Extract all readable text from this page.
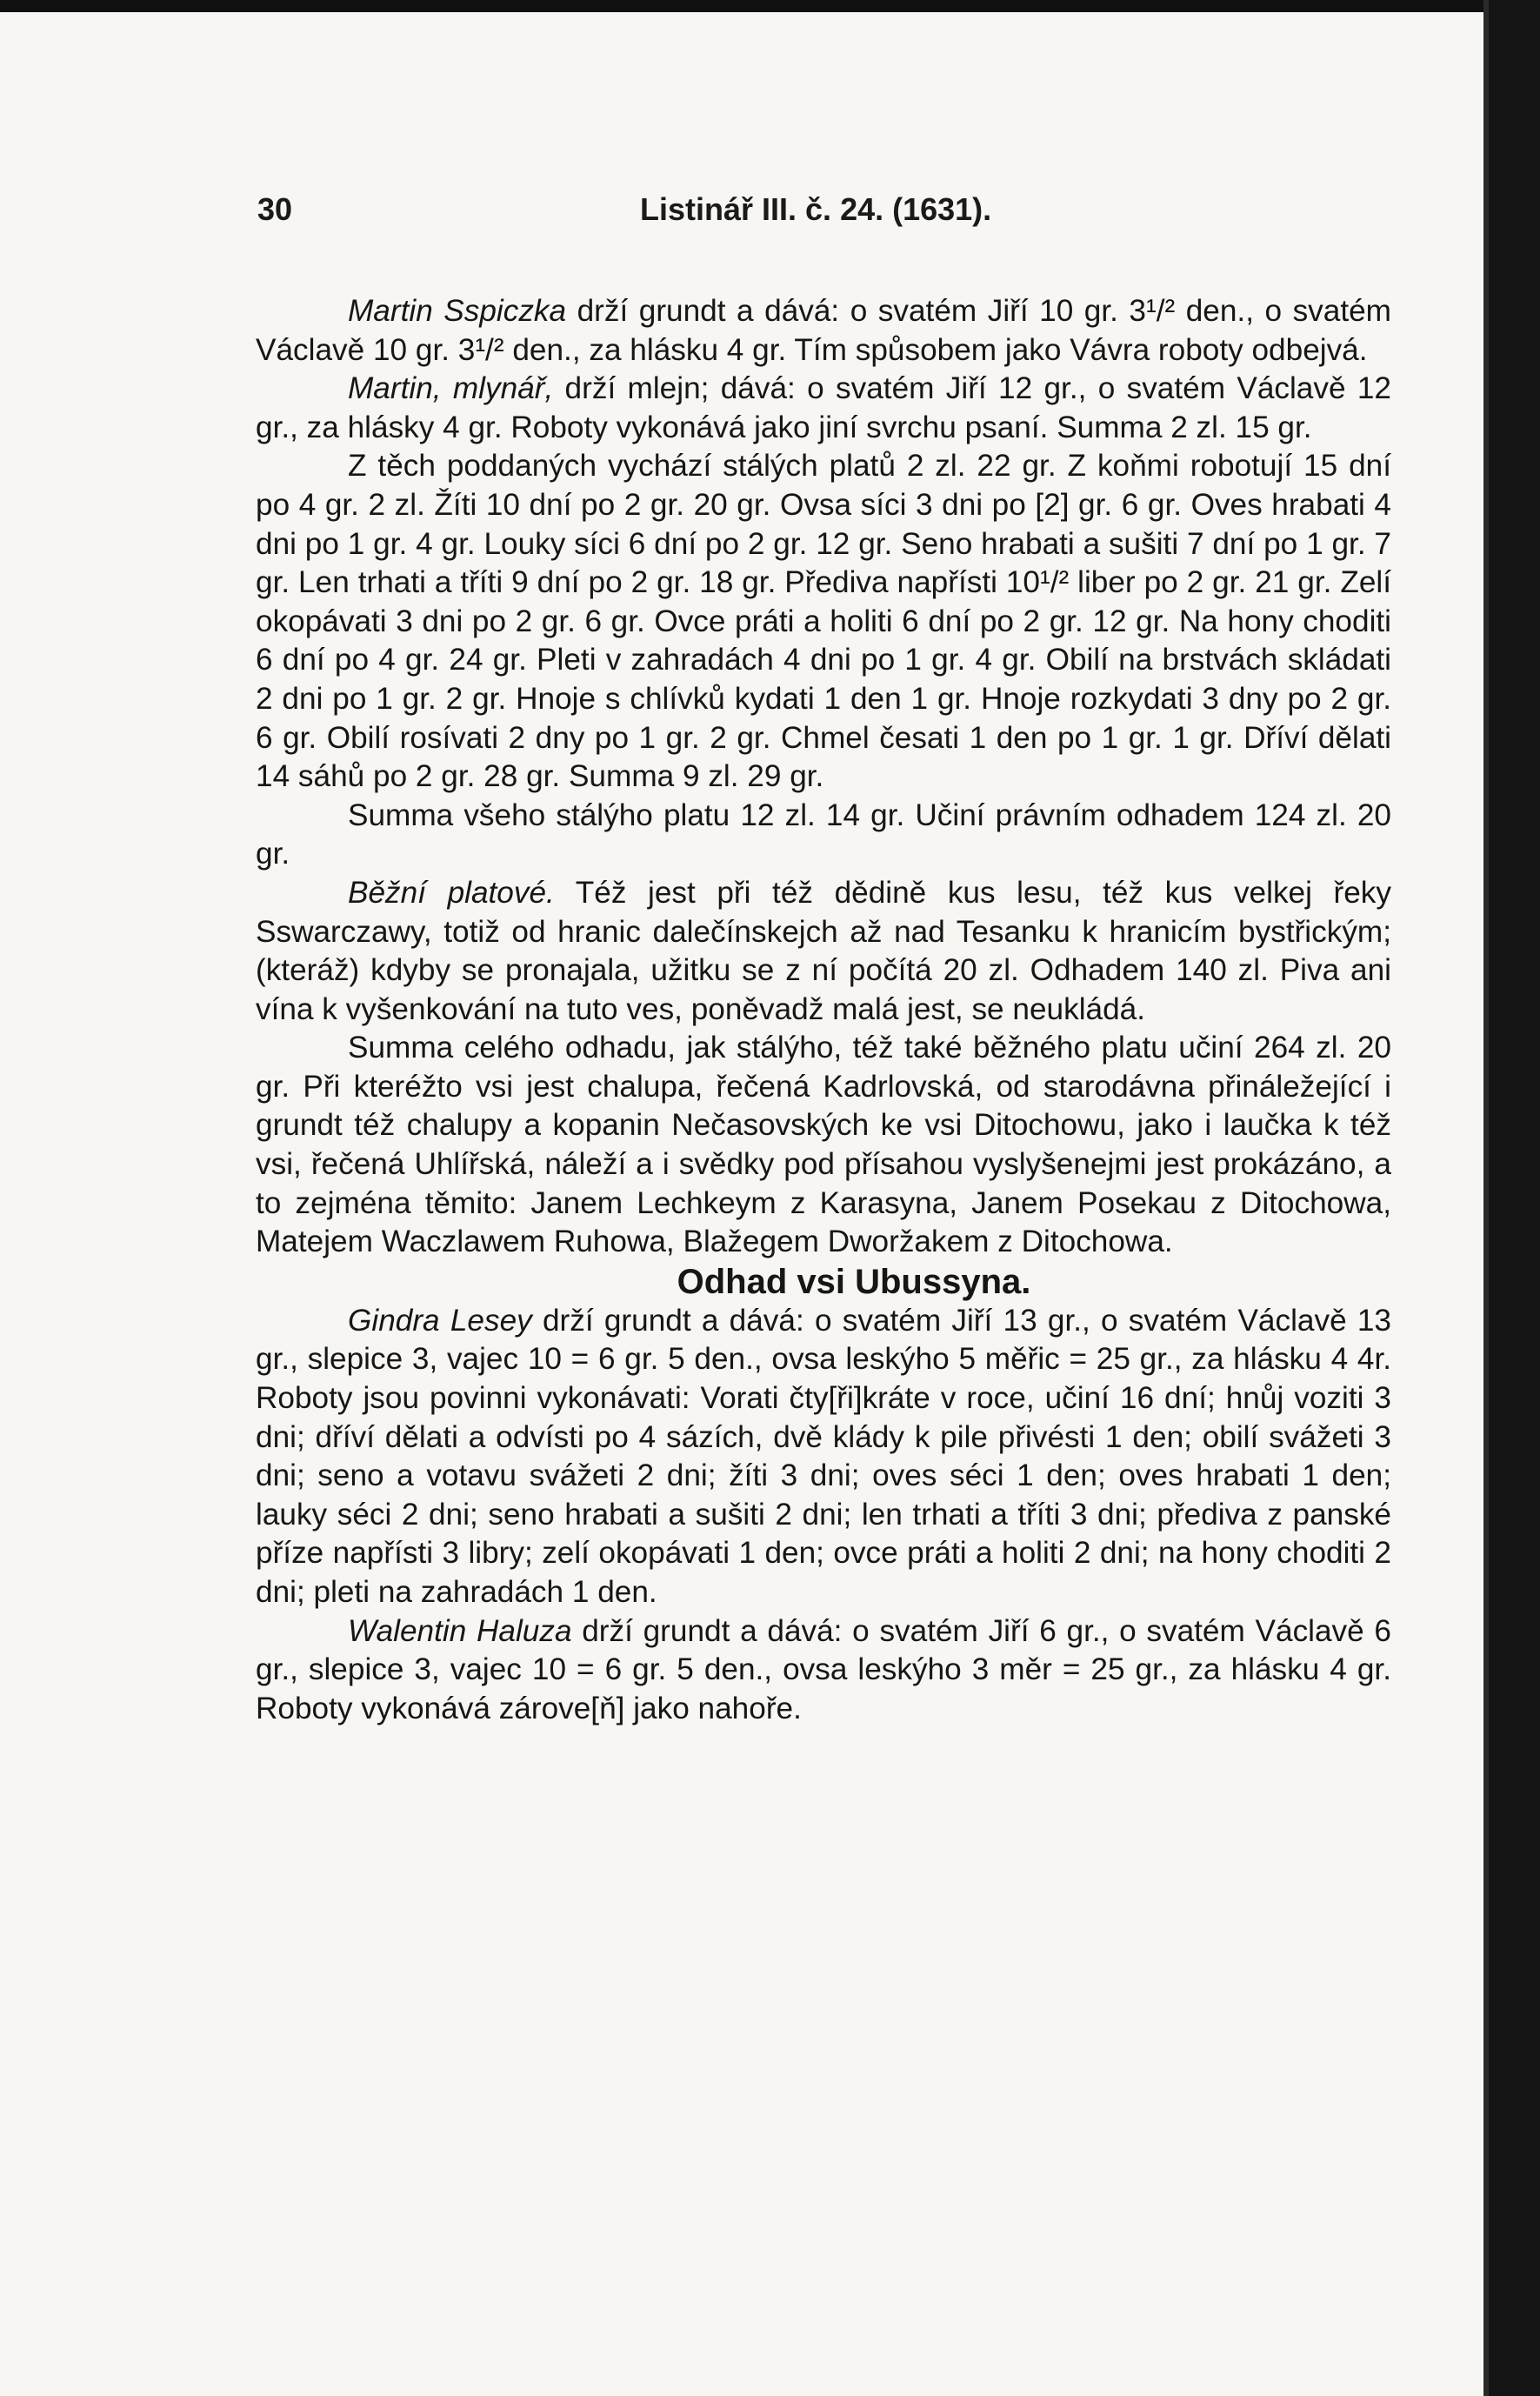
30	Listinář III. č. 24. (1631).

Martin Sspiczka drží grundt a dává: o svatém Jiří 10 gr. 3¹/² den., o svatém Václavě 10 gr. 3¹/² den., za hlásku 4 gr. Tím spůsobem jako Vávra roboty odbejvá.

Martin, mlynář, drží mlejn; dává: o svatém Jiří 12 gr., o svatém Václavě 12 gr., za hlásky 4 gr. Roboty vykonává jako jiní svrchu psaní. Summa 2 zl. 15 gr.

Z těch poddaných vychází stálých platů 2 zl. 22 gr. Z koňmi robotují 15 dní po 4 gr. 2 zl. Žíti 10 dní po 2 gr. 20 gr. Ovsa síci 3 dni po [2] gr. 6 gr. Oves hrabati 4 dni po 1 gr. 4 gr. Louky síci 6 dní po 2 gr. 12 gr. Seno hrabati a sušiti 7 dní po 1 gr. 7 gr. Len trhati a tříti 9 dní po 2 gr. 18 gr. Přediva napřísti 10¹/² liber po 2 gr. 21 gr. Zelí okopávati 3 dni po 2 gr. 6 gr. Ovce práti a holiti 6 dní po 2 gr. 12 gr. Na hony choditi 6 dní po 4 gr. 24 gr. Pleti v zahradách 4 dni po 1 gr. 4 gr. Obilí na brstvách skládati 2 dni po 1 gr. 2 gr. Hnoje s chlívků kydati 1 den 1 gr. Hnoje rozkydati 3 dny po 2 gr. 6 gr. Obilí rosívati 2 dny po 1 gr. 2 gr. Chmel česati 1 den po 1 gr. 1 gr. Dříví dělati 14 sáhů po 2 gr. 28 gr. Summa 9 zl. 29 gr.

Summa všeho stálýho platu 12 zl. 14 gr. Učiní právním odhadem 124 zl. 20 gr.

Běžní platové. Též jest při též dědině kus lesu, též kus velkej řeky Sswarczawy, totiž od hranic dalečínskejch až nad Tesanku k hranicím bystřickým; (kteráž) kdyby se pronajala, užitku se z ní počítá 20 zl. Odhadem 140 zl. Piva ani vína k vyšenkování na tuto ves, poněvadž malá jest, se neukládá.

Summa celého odhadu, jak stálýho, též také běžného platu učiní 264 zl. 20 gr. Při kteréžto vsi jest chalupa, řečená Kadrlovská, od starodávna přináležející i grundt též chalupy a kopanin Nečasovských ke vsi Ditochowu, jako i laučka k též vsi, řečená Uhlířská, náleží a i svědky pod přísahou vyslyšenejmi jest prokázáno, a to zejména těmito: Janem Lechkeym z Karasyna, Janem Posekau z Ditochowa, Matejem Waczlawem Ruhowa, Blažegem Dworžakem z Ditochowa.

Odhad vsi Ubussyna.

Gindra Lesey drží grundt a dává: o svatém Jiří 13 gr., o svatém Václavě 13 gr., slepice 3, vajec 10 = 6 gr. 5 den., ovsa leskýho 5 měřic = 25 gr., za hlásku 4 4r. Roboty jsou povinni vykonávati: Vorati čty[ři]kráte v roce, učiní 16 dní; hnůj voziti 3 dni; dříví dělati a odvísti po 4 sázích, dvě klády k pile přivésti 1 den; obilí svážeti 3 dni; seno a votavu svážeti 2 dni; žíti 3 dni; oves séci 1 den; oves hrabati 1 den; lauky séci 2 dni; seno hrabati a sušiti 2 dni; len trhati a tříti 3 dni; přediva z panské příze napřísti 3 libry; zelí okopávati 1 den; ovce práti a holiti 2 dni; na hony choditi 2 dni; pleti na zahradách 1 den.

Walentin Haluza drží grundt a dává: o svatém Jiří 6 gr., o svatém Václavě 6 gr., slepice 3, vajec 10 = 6 gr. 5 den., ovsa leskýho 3 měr = 25 gr., za hlásku 4 gr. Roboty vykonává zárove[ň] jako nahoře.
